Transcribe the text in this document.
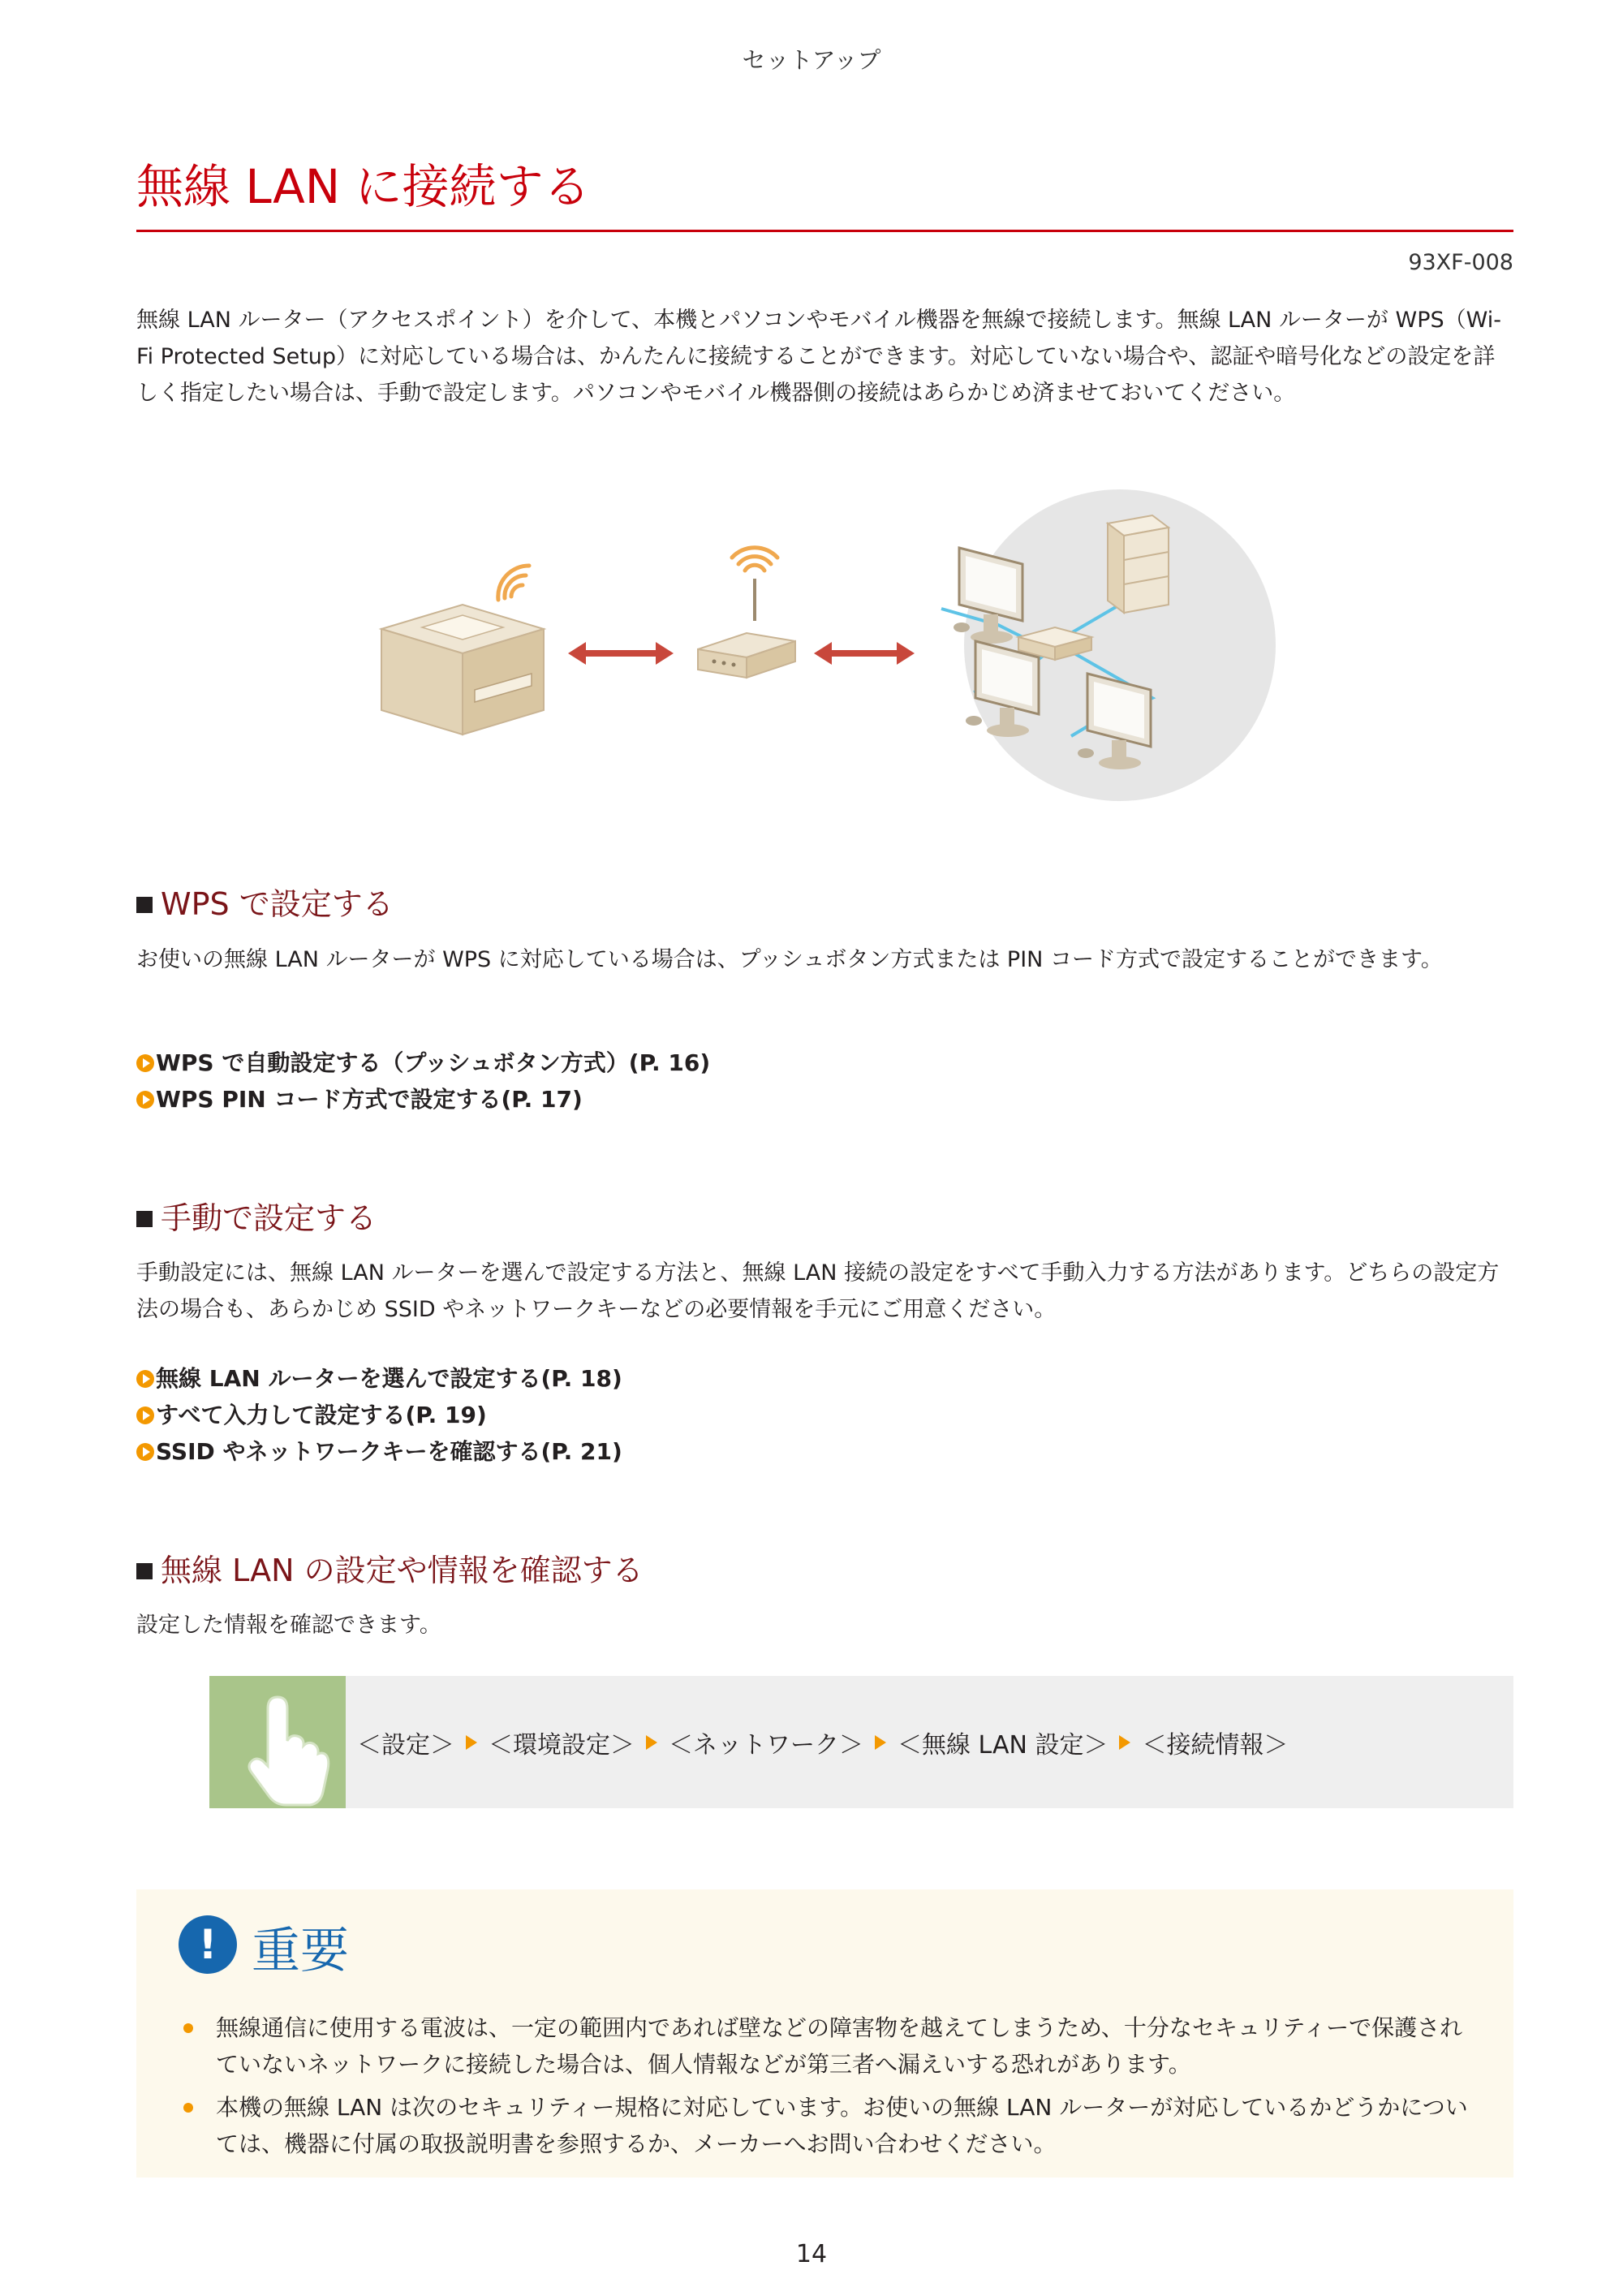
セットアップ
無線 LAN に接続する
93XF-008
無線 LAN ルーター（アクセスポイント）を介して、本機とパソコンやモバイル機器を無線で接続します。無線 LAN ルーターが WPS（Wi-Fi Protected Setup）に対応している場合は、かんたんに接続することができます。対応していない場合や、認証や暗号化などの設定を詳しく指定したい場合は、手動で設定します。パソコンやモバイル機器側の接続はあらかじめ済ませておいてください。
WPS で設定する
お使いの無線 LAN ルーターが WPS に対応している場合は、プッシュボタン方式または PIN コード方式で設定することができます。
WPS で自動設定する（プッシュボタン方式）(P. 16)
WPS PIN コード方式で設定する(P. 17)
手動で設定する
手動設定には、無線 LAN ルーターを選んで設定する方法と、無線 LAN 接続の設定をすべて手動入力する方法があります。どちらの設定方法の場合も、あらかじめ SSID やネットワークキーなどの必要情報を手元にご用意ください。
無線 LAN ルーターを選んで設定する(P. 18)
すべて入力して設定する(P. 19)
SSID やネットワークキーを確認する(P. 21)
無線 LAN の設定や情報を確認する
設定した情報を確認できます。
＜設定＞ ＜環境設定＞ ＜ネットワーク＞ ＜無線 LAN 設定＞ ＜接続情報＞
! 重要
無線通信に使用する電波は、一定の範囲内であれば壁などの障害物を越えてしまうため、十分なセキュリティーで保護されていないネットワークに接続した場合は、個人情報などが第三者へ漏えいする恐れがあります。
本機の無線 LAN は次のセキュリティー規格に対応しています。お使いの無線 LAN ルーターが対応しているかどうかについては、機器に付属の取扱説明書を参照するか、メーカーへお問い合わせください。
14
